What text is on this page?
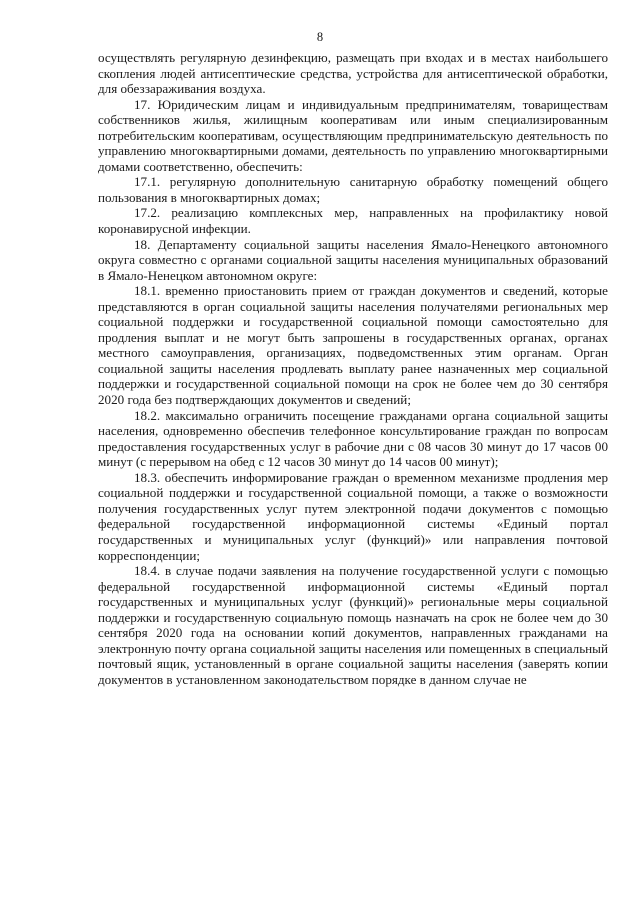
8

осуществлять регулярную дезинфекцию, размещать при входах и в местах наибольшего скопления людей антисептические средства, устройства для антисептической обработки, для обеззараживания воздуха.

17. Юридическим лицам и индивидуальным предпринимателям, товариществам собственников жилья, жилищным кооперативам или иным специализированным потребительским кооперативам, осуществляющим предпринимательскую деятельность по управлению многоквартирными домами, деятельность по управлению многоквартирными домами соответственно, обеспечить:

17.1. регулярную дополнительную санитарную обработку помещений общего пользования в многоквартирных домах;

17.2. реализацию комплексных мер, направленных на профилактику новой коронавирусной инфекции.

18. Департаменту социальной защиты населения Ямало-Ненецкого автономного округа совместно с органами социальной защиты населения муниципальных образований в Ямало-Ненецком автономном округе:

18.1. временно приостановить прием от граждан документов и сведений, которые представляются в орган социальной защиты населения получателями региональных мер социальной поддержки и государственной социальной помощи самостоятельно для продления выплат и не могут быть запрошены в государственных органах, органах местного самоуправления, организациях, подведомственных этим органам. Орган социальной защиты населения продлевать выплату ранее назначенных мер социальной поддержки и государственной социальной помощи на срок не более чем до 30 сентября 2020 года без подтверждающих документов и сведений;

18.2. максимально ограничить посещение гражданами органа социальной защиты населения, одновременно обеспечив телефонное консультирование граждан по вопросам предоставления государственных услуг в рабочие дни с 08 часов 30 минут до 17 часов 00 минут (с перерывом на обед с 12 часов 30 минут до 14 часов 00 минут);

18.3. обеспечить информирование граждан о временном механизме продления мер социальной поддержки и государственной социальной помощи, а также о возможности получения государственных услуг путем электронной подачи документов с помощью федеральной государственной информационной системы «Единый портал государственных и муниципальных услуг (функций)» или направления почтовой корреспонденции;

18.4. в случае подачи заявления на получение государственной услуги с помощью федеральной государственной информационной системы «Единый портал государственных и муниципальных услуг (функций)» региональные меры социальной поддержки и государственную социальную помощь назначать на срок не более чем до 30 сентября 2020 года на основании копий документов, направленных гражданами на электронную почту органа социальной защиты населения или помещенных в специальный почтовый ящик, установленный в органе социальной защиты населения (заверять копии документов в установленном законодательством порядке в данном случае не
